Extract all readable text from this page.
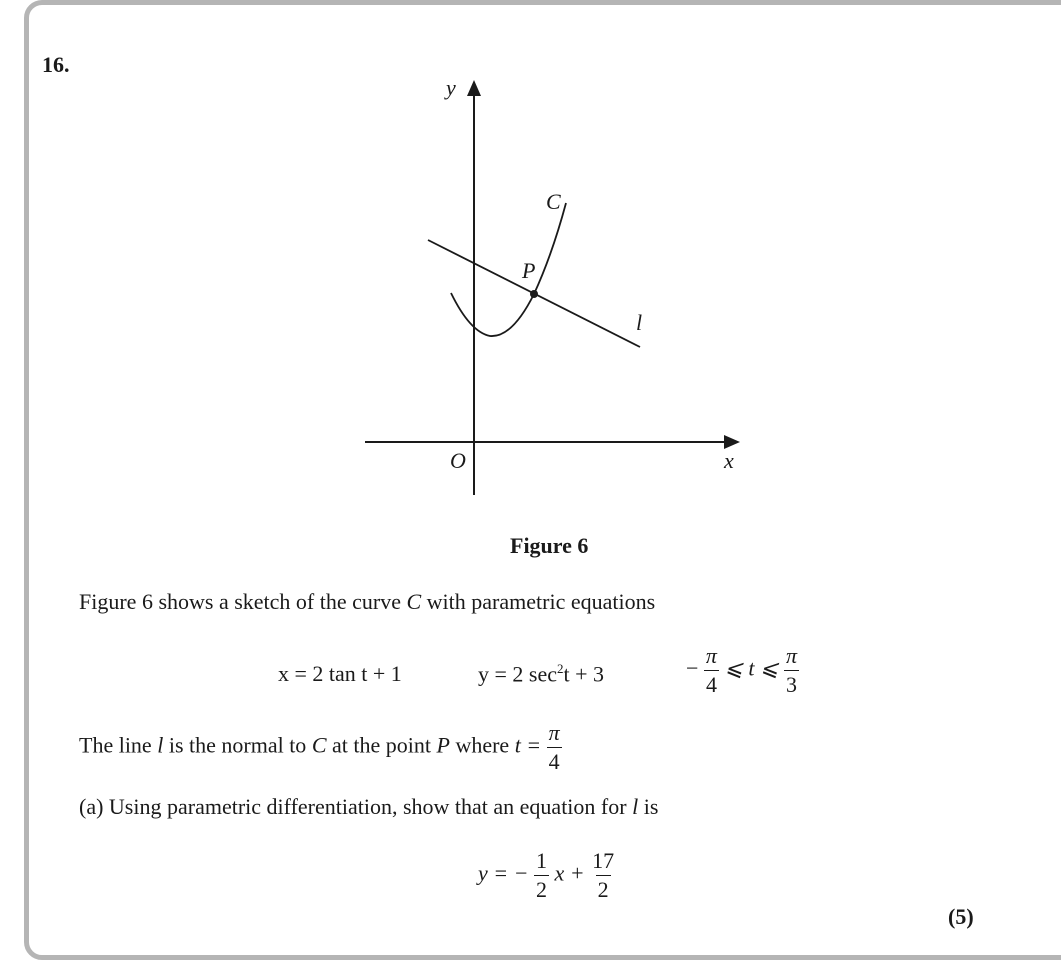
16.
y
x
O
C
P
l
Figure 6
Figure 6 shows a sketch of the curve C with parametric equations
x = 2 tan t + 1	y = 2 $\sec^2t + 3$	− $\frac{\pi}{4}$ ⩽ t ⩽ $\frac{\pi}{3}$
The line l is the normal to C at the point P where $t = \frac{\pi}{4}$
(a) Using parametric differentiation, show that an equation for l is
y = − $\frac{1}{2}$ $x + \frac{17}{2}$
(5)
